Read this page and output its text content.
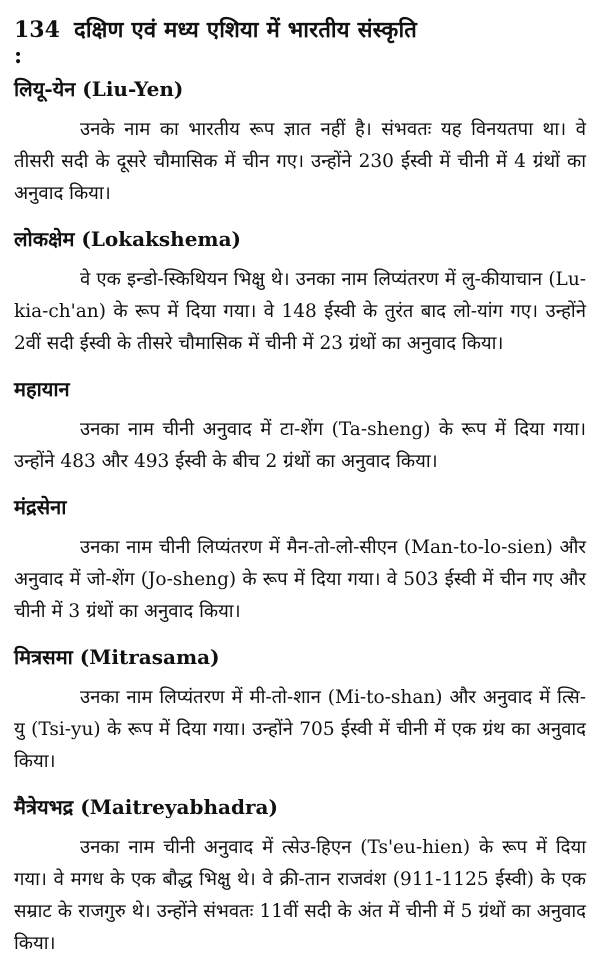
134 :
दक्षिण एवं मध्य एशिया में भारतीय संस्कृति
लियू-येन (Liu-Yen)

उनके नाम का भारतीय रूप ज्ञात नहीं है। संभवतः यह विनयतपा था। वे तीसरी सदी के दूसरे चौमासिक में चीन गए। उन्होंने 230 ईस्वी में चीनी में 4 ग्रंथों का अनुवाद किया।

लोकक्षेम (Lokakshema)

वे एक इन्डो-स्किथियन भिक्षु थे। उनका नाम लिप्यंतरण में लु-कीयाचान (Lu-kia-ch'an) के रूप में दिया गया। वे 148 ईस्वी के तुरंत बाद लो-यांग गए। उन्होंने 2वीं सदी ईस्वी के तीसरे चौमासिक में चीनी में 23 ग्रंथों का अनुवाद किया।

महायान

उनका नाम चीनी अनुवाद में टा-शेंग (Ta-sheng) के रूप में दिया गया। उन्होंने 483 और 493 ईस्वी के बीच 2 ग्रंथों का अनुवाद किया।

मंद्रसेना

उनका नाम चीनी लिप्यंतरण में मैन-तो-लो-सीएन (Man-to-lo-sien) और अनुवाद में जो-शेंग (Jo-sheng) के रूप में दिया गया। वे 503 ईस्वी में चीन गए और चीनी में 3 ग्रंथों का अनुवाद किया।

मित्रसमा (Mitrasama)

उनका नाम लिप्यंतरण में मी-तो-शान (Mi-to-shan) और अनुवाद में त्सि-यु (Tsi-yu) के रूप में दिया गया। उन्होंने 705 ईस्वी में चीनी में एक ग्रंथ का अनुवाद किया।

मैत्रेयभद्र (Maitreyabhadra)

उनका नाम चीनी अनुवाद में त्सेउ-हिएन (Ts'eu-hien) के रूप में दिया गया। वे मगध के एक बौद्ध भिक्षु थे। वे क्री-तान राजवंश (911-1125 ईस्वी) के एक सम्राट के राजगुरु थे। उन्होंने संभवतः 11वीं सदी के अंत में चीनी में 5 ग्रंथों का अनुवाद किया।
